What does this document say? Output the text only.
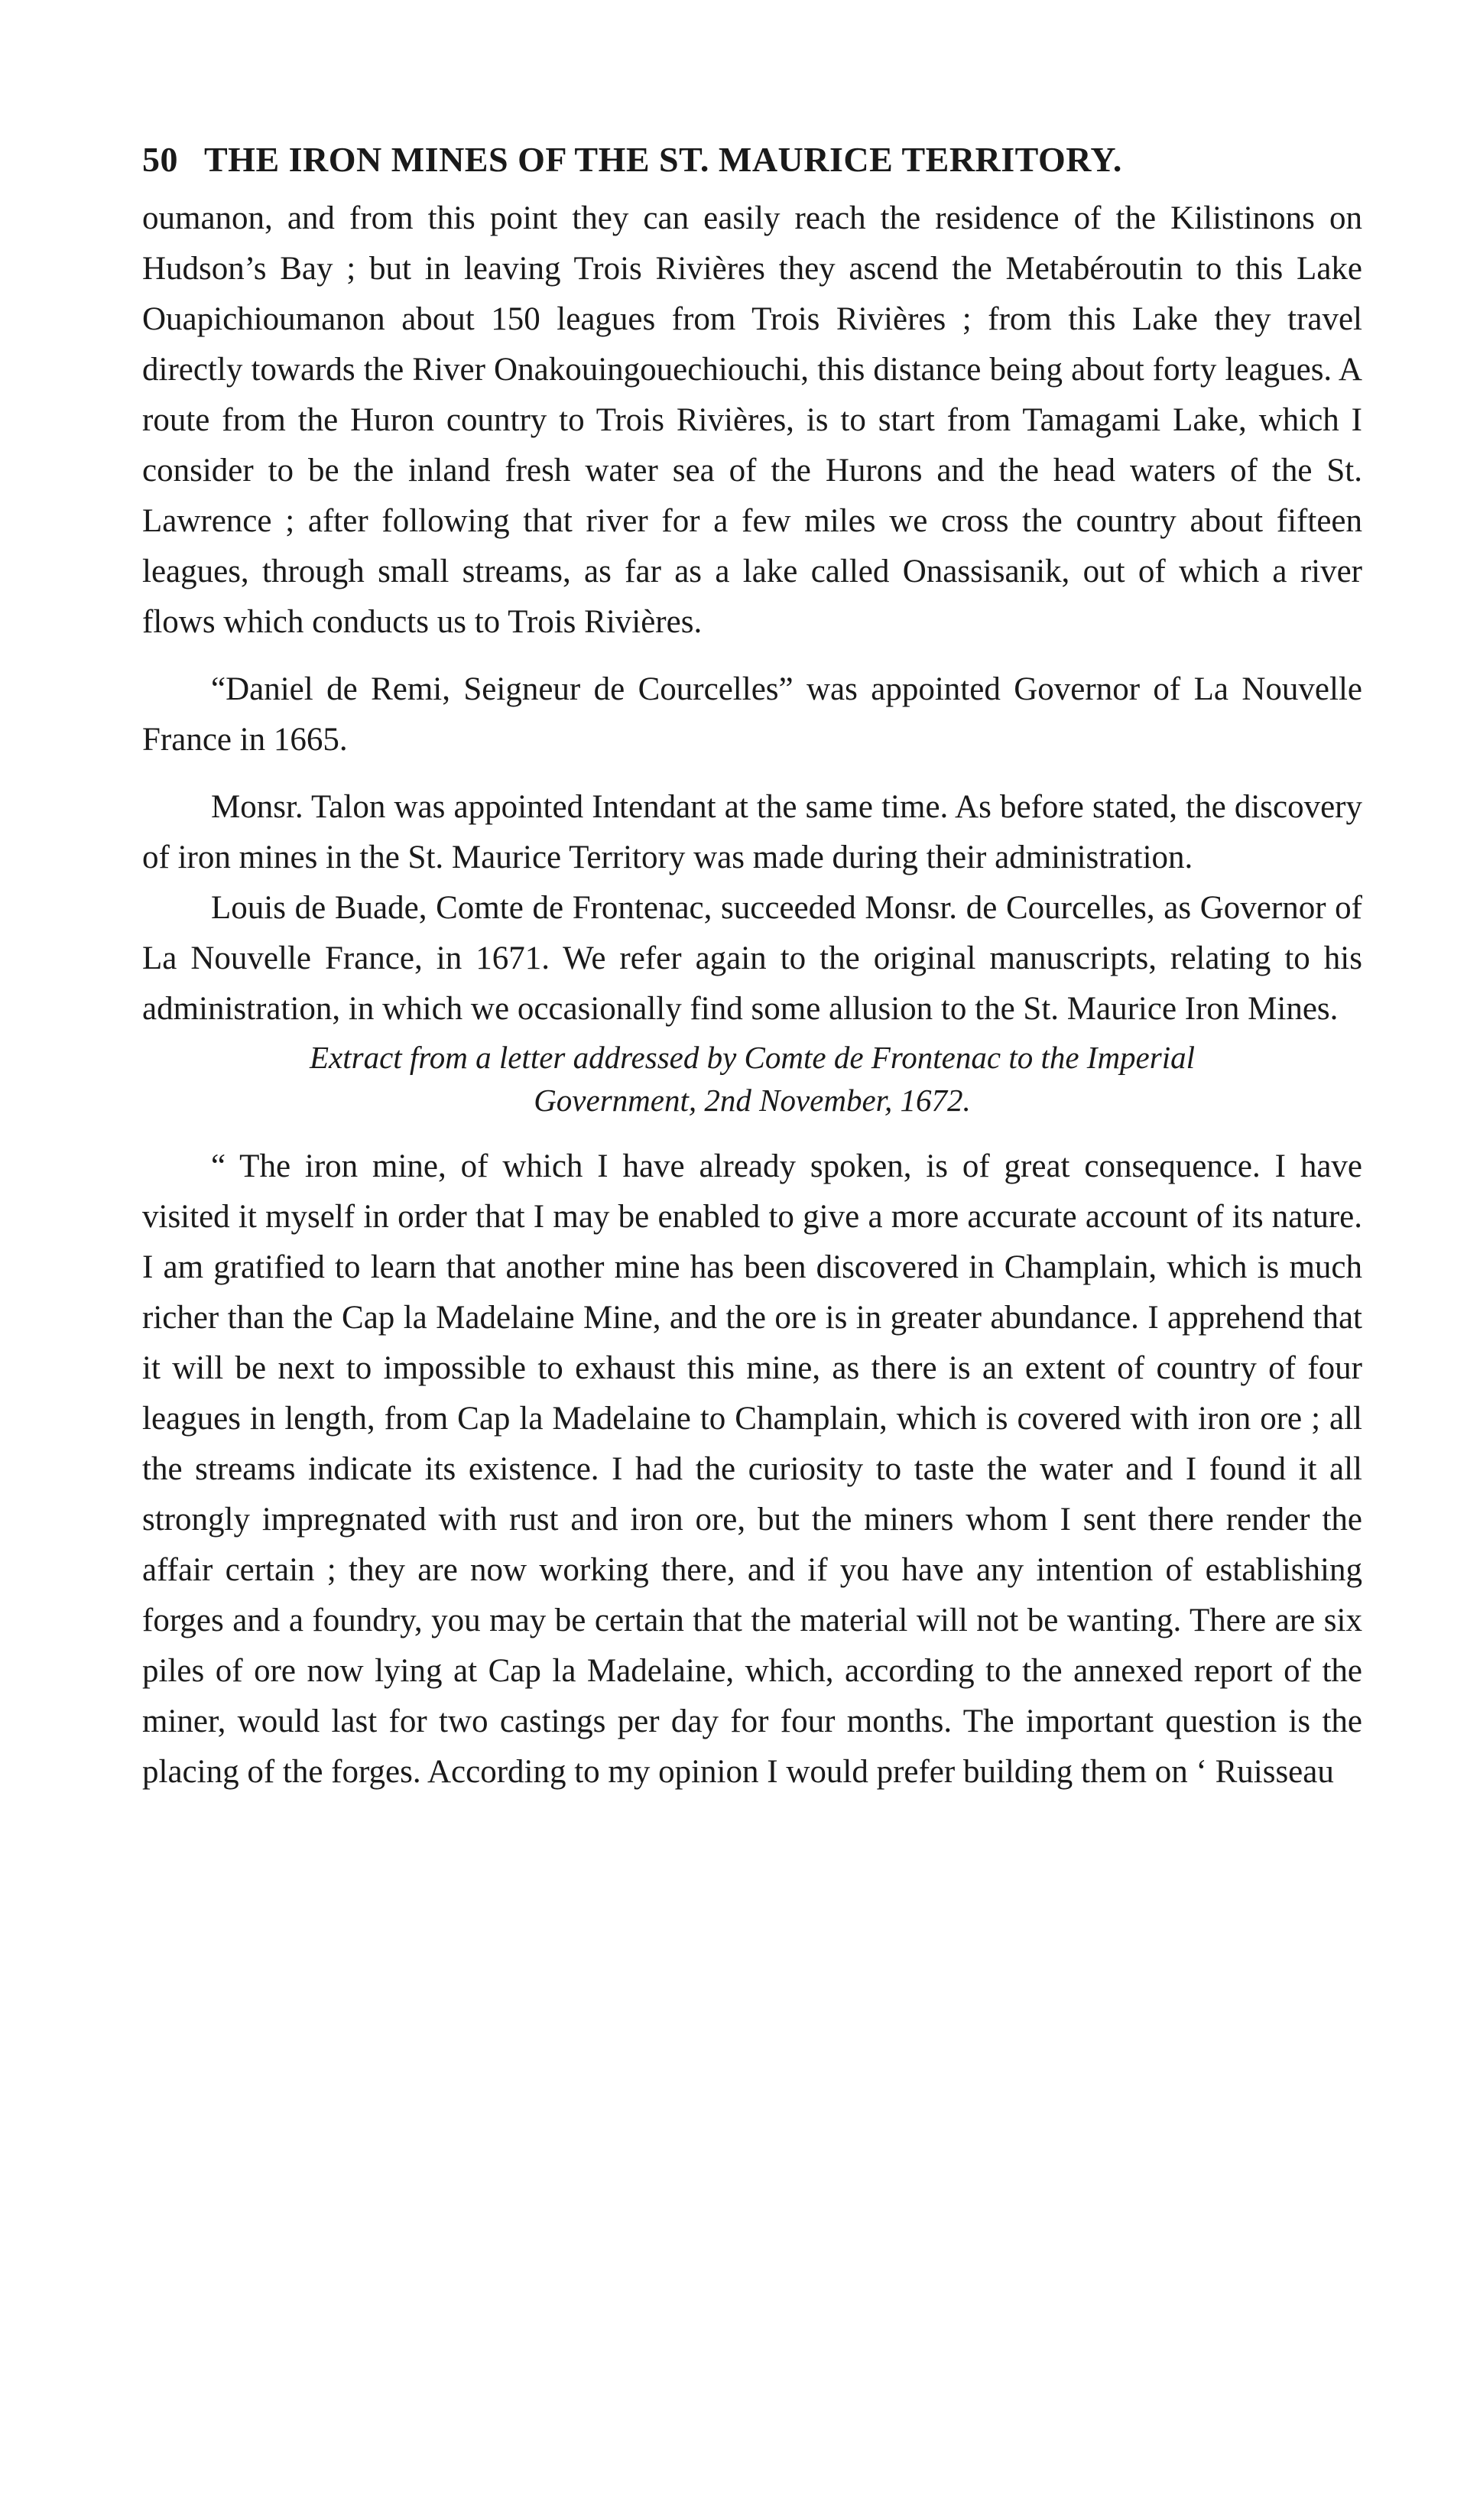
50 THE IRON MINES OF THE ST. MAURICE TERRITORY.

oumanon, and from this point they can easily reach the residence of the Kilistinons on Hudson’s Bay ; but in leaving Trois Rivières they ascend the Metabéroutin to this Lake Ouapichioumanon about 150 leagues from Trois Rivières ; from this Lake they travel directly towards the River Onakouingouechiouchi, this distance being about forty leagues. A route from the Huron country to Trois Rivières, is to start from Tamagami Lake, which I consider to be the inland fresh water sea of the Hurons and the head waters of the St. Lawrence ; after following that river for a few miles we cross the country about fifteen leagues, through small streams, as far as a lake called Onassisanik, out of which a river flows which conducts us to Trois Rivières.

“Daniel de Remi, Seigneur de Courcelles” was appointed Governor of La Nouvelle France in 1665.

Monsr. Talon was appointed Intendant at the same time. As before stated, the discovery of iron mines in the St. Maurice Territory was made during their administration.

Louis de Buade, Comte de Frontenac, succeeded Monsr. de Courcelles, as Governor of La Nouvelle France, in 1671. We refer again to the original manuscripts, relating to his administration, in which we occasionally find some allusion to the St. Maurice Iron Mines.

Extract from a letter addressed by Comte de Frontenac to the Imperial
Government, 2nd November, 1672.

“ The iron mine, of which I have already spoken, is of great consequence. I have visited it myself in order that I may be enabled to give a more accurate account of its nature. I am gratified to learn that another mine has been discovered in Champlain, which is much richer than the Cap la Madelaine Mine, and the ore is in greater abundance. I apprehend that it will be next to impossible to exhaust this mine, as there is an extent of country of four leagues in length, from Cap la Madelaine to Champlain, which is covered with iron ore ; all the streams indicate its existence. I had the curiosity to taste the water and I found it all strongly impregnated with rust and iron ore, but the miners whom I sent there render the affair certain ; they are now working there, and if you have any intention of establishing forges and a foundry, you may be certain that the material will not be wanting. There are six piles of ore now lying at Cap la Madelaine, which, according to the annexed report of the miner, would last for two castings per day for four months. The important question is the placing of the forges. According to my opinion I would prefer building them on ‘ Ruisseau
